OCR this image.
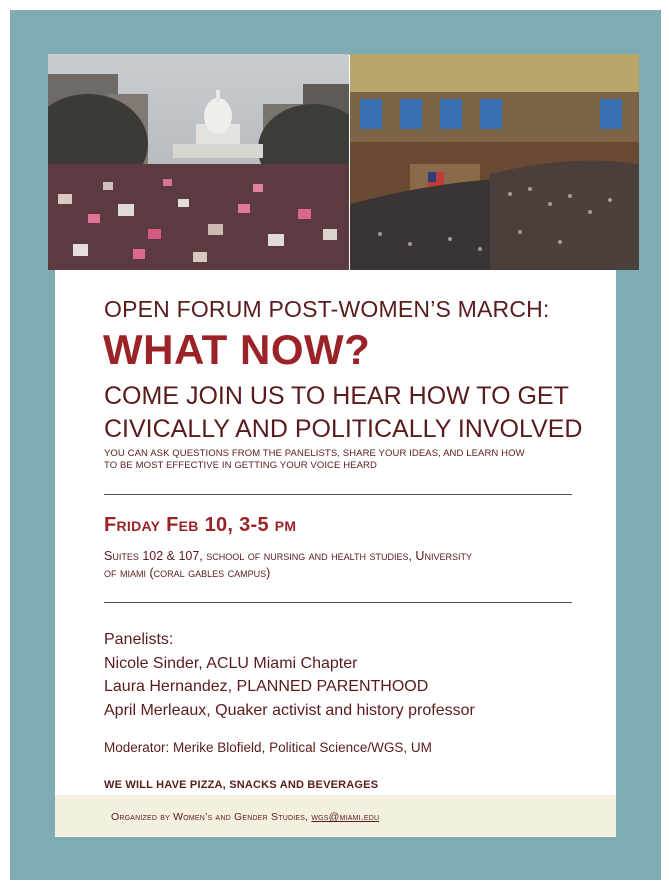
OPEN FORUM POST-WOMEN’S MARCH:
WHAT NOW?
COME JOIN US TO HEAR HOW TO GET
CIVICALLY AND POLITICALLY INVOLVED
YOU CAN ASK QUESTIONS FROM THE PANELISTS, SHARE YOUR IDEAS, AND LEARN HOW
TO BE MOST EFFECTIVE IN GETTING YOUR VOICE HEARD
Friday Feb 10, 3-5 pm
Suites 102 & 107, school of nursing and health studies, University
of miami (coral gables campus)
Panelists:
Nicole Sinder, ACLU Miami Chapter
Laura Hernandez, PLANNED PARENTHOOD
April Merleaux, Quaker activist and history professor
Moderator: Merike Blofield, Political Science/WGS, UM
WE WILL HAVE PIZZA, SNACKS AND BEVERAGES
Organized by Women’s and Gender Studies, wgs@miami.edu
